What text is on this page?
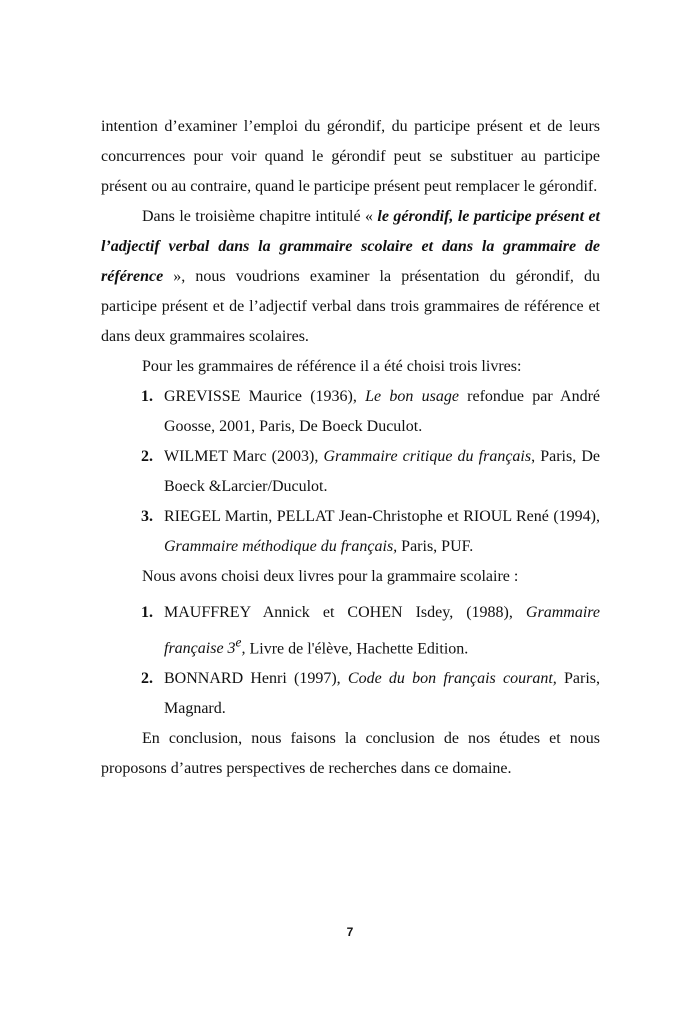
intention d’examiner l’emploi du gérondif, du participe présent et de leurs concurrences pour voir quand le gérondif peut se substituer au participe présent ou au contraire, quand le participe présent peut remplacer le gérondif.

Dans le troisième chapitre intitulé « le gérondif, le participe présent et l’adjectif verbal dans la grammaire scolaire et dans la grammaire de référence », nous voudrions examiner la présentation du gérondif, du participe présent et de l’adjectif verbal dans trois grammaires de référence et dans deux grammaires scolaires.

Pour les grammaires de référence il a été choisi trois livres:

1. GREVISSE Maurice (1936), Le bon usage refondue par André Goosse, 2001, Paris, De Boeck Duculot.
2. WILMET Marc (2003), Grammaire critique du français, Paris, De Boeck &Larcier/Duculot.
3. RIEGEL Martin, PELLAT Jean-Christophe et RIOUL René (1994), Grammaire méthodique du français, Paris, PUF.

Nous avons choisi deux livres pour la grammaire scolaire :

1. MAUFFREY Annick et COHEN Isdey, (1988), Grammaire française 3e, Livre de l'élève, Hachette Edition.
2. BONNARD Henri (1997), Code du bon français courant, Paris, Magnard.

En conclusion, nous faisons la conclusion de nos études et nous proposons d’autres perspectives de recherches dans ce domaine.

7
